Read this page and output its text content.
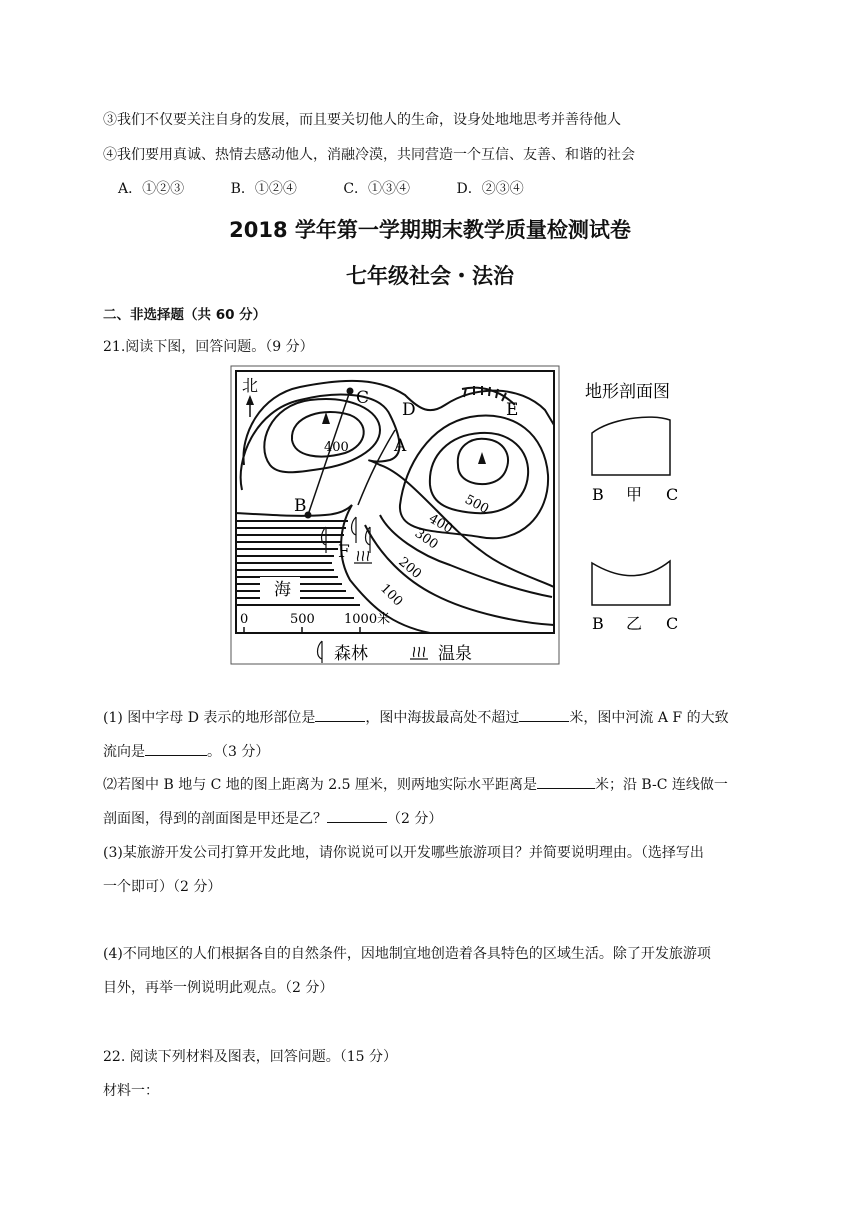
③我们不仅要关注自身的发展，而且要关切他人的生命，设身处地地思考并善待他人
④我们要用真诚、热情去感动他人，消融冷漠，共同营造一个互信、友善、和谐的社会
A．①②③	B．①②④	C．①③④	D．②③④
2018 学年第一学期期末教学质量检测试卷
七年级社会・法治
二、非选择题（共 60 分）
21.阅读下图，回答问题。（9 分）
海
北
C
D	E
A
B
F
400
500
400
300
200
100
0	500 1000米
森林	温泉
地形剖面图
B 甲 C
B 乙 C
(1) 图中字母 D 表示的地形部位是	，图中海拔最高处不超过	米，图中河流 A F 的大致
流向是	。（3 分）
⑵若图中 B 地与 C 地的图上距离为 2.5 厘米，则两地实际水平距离是	米；沿 B-C 连线做一
剖面图，得到的剖面图是甲还是乙？	（2 分）
(3)某旅游开发公司打算开发此地，请你说说可以开发哪些旅游项目？并简要说明理由。（选择写出
一个即可）（2 分）
(4)不同地区的人们根据各自的自然条件，因地制宜地创造着各具特色的区域生活。除了开发旅游项
目外，再举一例说明此观点。（2 分）
22. 阅读下列材料及图表，回答问题。（15 分）
材料一：
